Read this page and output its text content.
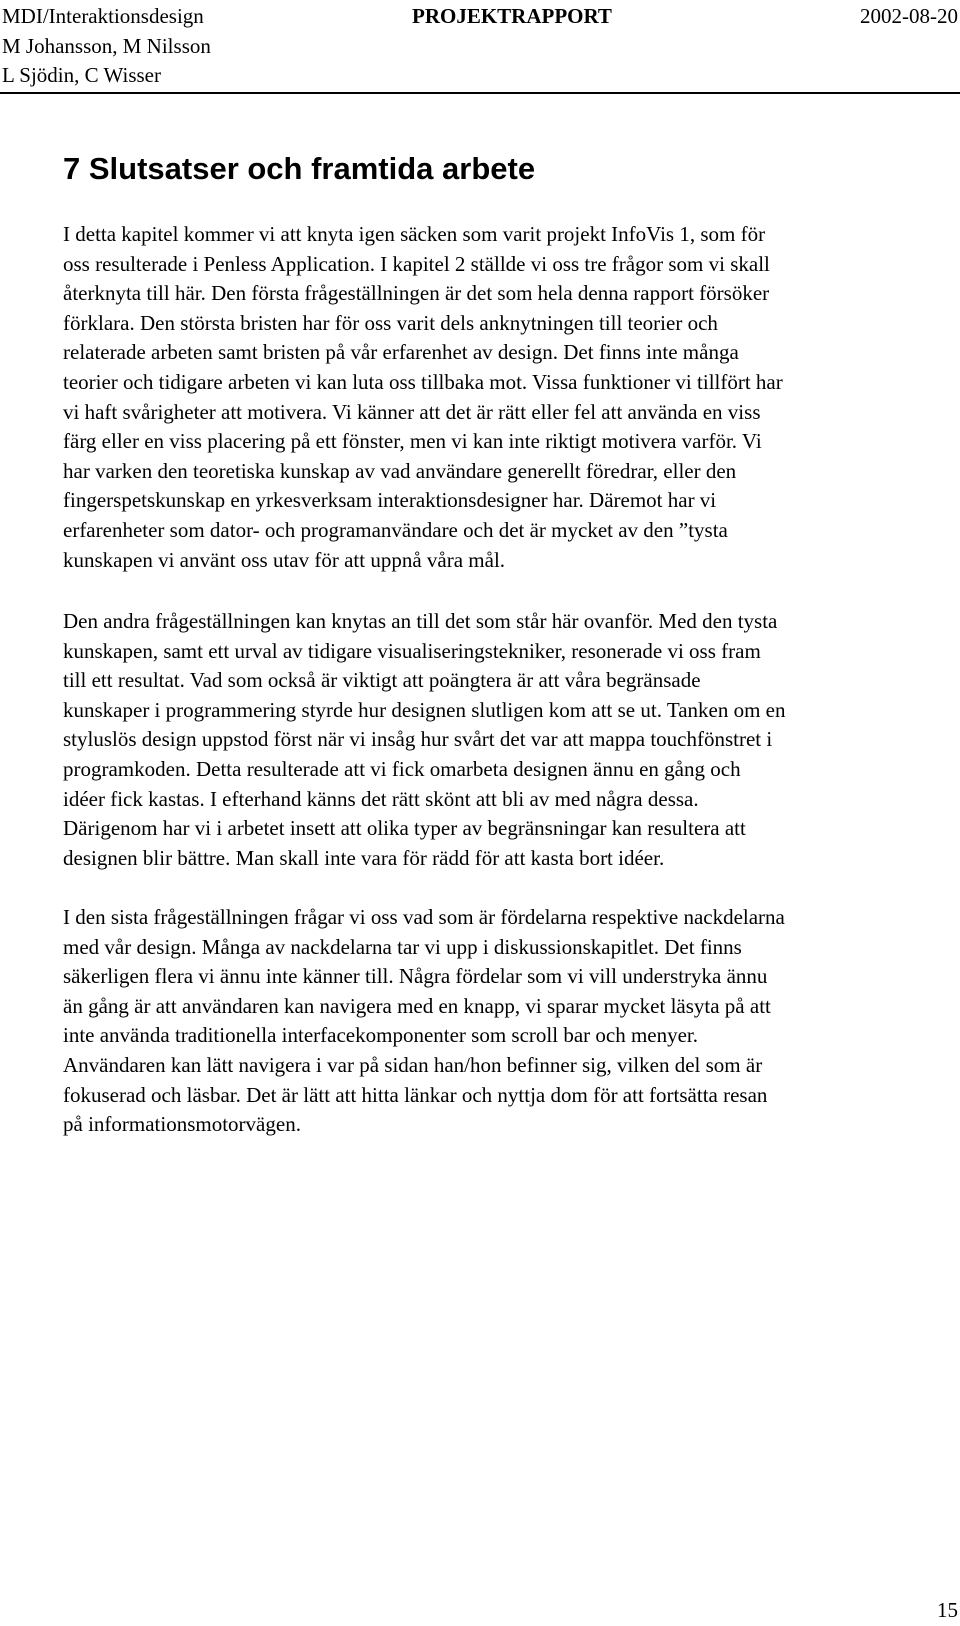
MDI/Interaktionsdesign
M Johansson, M Nilsson
L Sjödin, C Wisser
PROJEKTRAPPORT	2002-08-20
7 Slutsatser och framtida arbete

I detta kapitel kommer vi att knyta igen säcken som varit projekt InfoVis 1, som för
oss resulterade i Penless Application. I kapitel 2 ställde vi oss tre frågor som vi skall
återknyta till här. Den första frågeställningen är det som hela denna rapport försöker
förklara. Den största bristen har för oss varit dels anknytningen till teorier och
relaterade arbeten samt bristen på vår erfarenhet av design. Det finns inte många
teorier och tidigare arbeten vi kan luta oss tillbaka mot. Vissa funktioner vi tillfört har
vi haft svårigheter att motivera. Vi känner att det är rätt eller fel att använda en viss
färg eller en viss placering på ett fönster, men vi kan inte riktigt motivera varför. Vi
har varken den teoretiska kunskap av vad användare generellt föredrar, eller den
fingerspetskunskap en yrkesverksam interaktionsdesigner har. Däremot har vi
erfarenheter som dator- och programanvändare och det är mycket av den ”tysta
kunskapen vi använt oss utav för att uppnå våra mål.

Den andra frågeställningen kan knytas an till det som står här ovanför. Med den tysta
kunskapen, samt ett urval av tidigare visualiseringstekniker, resonerade vi oss fram
till ett resultat. Vad som också är viktigt att poängtera är att våra begränsade
kunskaper i programmering styrde hur designen slutligen kom att se ut. Tanken om en
styluslös design uppstod först när vi insåg hur svårt det var att mappa touchfönstret i
programkoden. Detta resulterade att vi fick omarbeta designen ännu en gång och
idéer fick kastas. I efterhand känns det rätt skönt att bli av med några dessa.
Därigenom har vi i arbetet insett att olika typer av begränsningar kan resultera att
designen blir bättre. Man skall inte vara för rädd för att kasta bort idéer.

I den sista frågeställningen frågar vi oss vad som är fördelarna respektive nackdelarna
med vår design. Många av nackdelarna tar vi upp i diskussionskapitlet. Det finns
säkerligen flera vi ännu inte känner till. Några fördelar som vi vill understryka ännu
än gång är att användaren kan navigera med en knapp, vi sparar mycket läsyta på att
inte använda traditionella interfacekomponenter som scroll bar och menyer.
Användaren kan lätt navigera i var på sidan han/hon befinner sig, vilken del som är
fokuserad och läsbar. Det är lätt att hitta länkar och nyttja dom för att fortsätta resan
på informationsmotorvägen.

15
